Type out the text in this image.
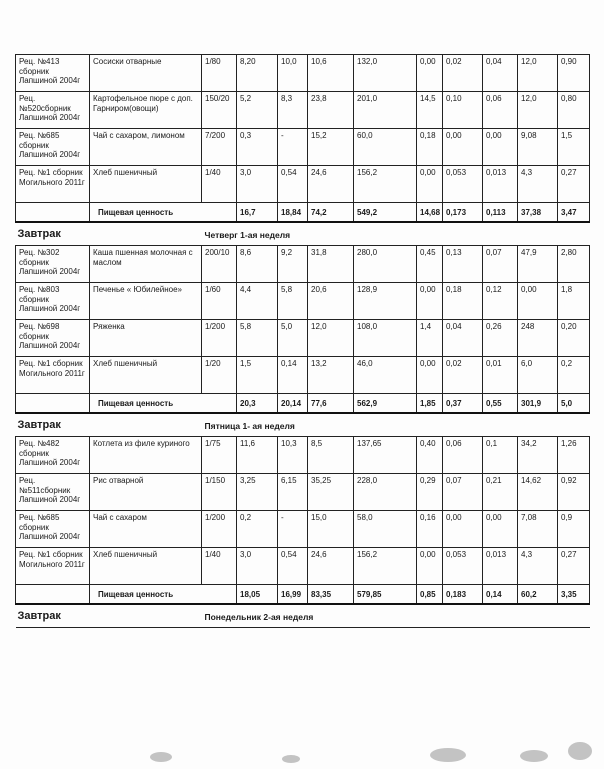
Рец. №413 сборник Лапшиной 2004г	Сосиски отварные	1/80	8,20	10,0	10,6	132,0	0,00	0,02	0,04	12,0	0,90
Рец. №520сборник Лапшиной 2004г	Картофельное пюре с доп. Гарниром(овощи)	150/20	5,2	8,3	23,8	201,0	14,5	0,10	0,06	12,0	0,80
Рец. №685 сборник Лапшиной 2004г	Чай с сахаром, лимоном	7/200	0,3	-	15,2	60,0	0,18	0,00	0,00	9,08	1,5
Рец. №1 сборник Могильного 2011г	Хлеб пшеничный	1/40	3,0	0,54	24,6	156,2	0,00	0,053	0,013	4,3	0,27
	Пищевая ценность		16,7	18,84	74,2	549,2	14,68	0,173	0,113	37,38	3,47
Завтрак		Четверг 1-ая неделя									
Рец. №302 сборник Лапшиной 2004г	Каша пшенная молочная с маслом	200/10	8,6	9,2	31,8	280,0	0,45	0,13	0,07	47,9	2,80
Рец. №803 сборник Лапшиной 2004г	Печенье « Юбилейное»	1/60	4,4	5,8	20,6	128,9	0,00	0,18	0,12	0,00	1,8
Рец. №698 сборник Лапшиной 2004г	Ряженка	1/200	5,8	5,0	12,0	108,0	1,4	0,04	0,26	248	0,20
Рец. №1 сборник Могильного 2011г	Хлеб пшеничный	1/20	1,5	0,14	13,2	46,0	0,00	0,02	0,01	6,0	0,2
	Пищевая ценность		20,3	20,14	77,6	562,9	1,85	0,37	0,55	301,9	5,0
Завтрак		Пятница 1- ая неделя									
Рец. №482 сборник Лапшиной 2004г	Котлета из филе куриного	1/75	11,6	10,3	8,5	137,65	0,40	0,06	0,1	34,2	1,26
Рец. №511сборник Лапшиной 2004г	Рис отварной	1/150	3,25	6,15	35,25	228,0	0,29	0,07	0,21	14,62	0,92
Рец. №685 сборник Лапшиной 2004г	Чай с сахаром	1/200	0,2	-	15,0	58,0	0,16	0,00	0,00	7,08	0,9
Рец. №1 сборник Могильного 2011г	Хлеб пшеничный	1/40	3,0	0,54	24,6	156,2	0,00	0,053	0,013	4,3	0,27
	Пищевая ценность		18,05	16,99	83,35	579,85	0,85	0,183	0,14	60,2	3,35
Завтрак		Понедельник 2-ая неделя									
